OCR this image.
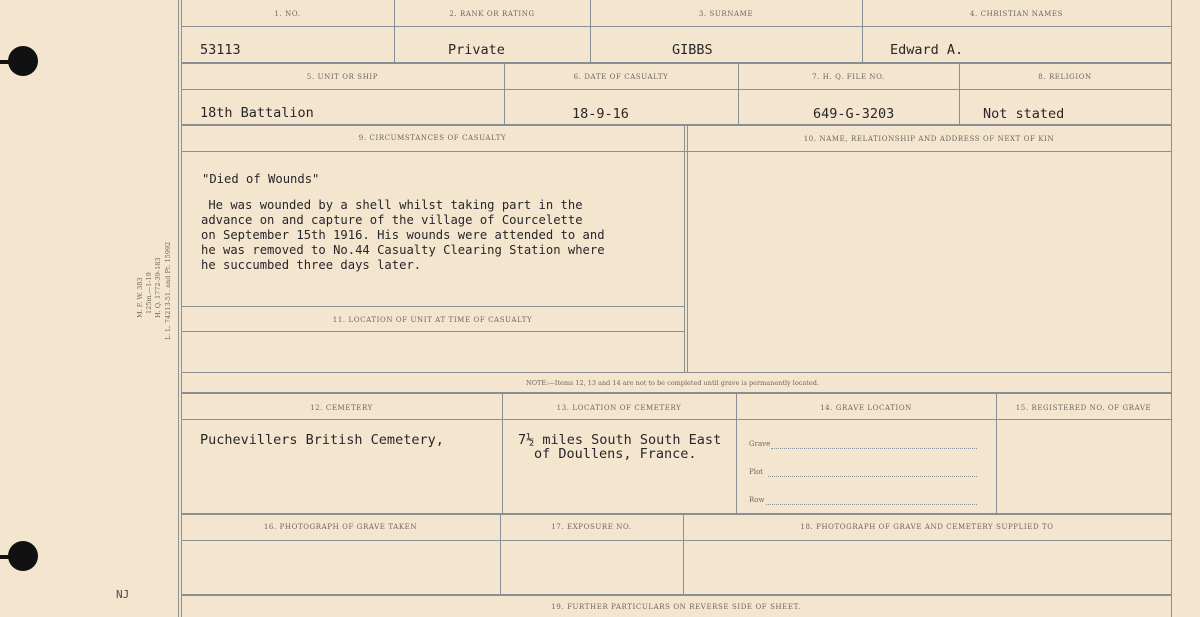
M. F. W. 383 125m.—1-19 H. Q. 1772-39-183 L. L. 74213-51. and Pt. 15992
NJ
1. NO.	2. RANK OR RATING	3. SURNAME	4. CHRISTIAN NAMES
53113	Private	GIBBS	Edward A.
5. UNIT OR SHIP	6. DATE OF CASUALTY	7. H. Q. FILE NO.	8. RELIGION
18th Battalion	18-9-16	649-G-3203	Not stated
9. CIRCUMSTANCES OF CASUALTY	10. NAME, RELATIONSHIP AND ADDRESS OF NEXT OF KIN
"Died of Wounds"
He was wounded by a shell whilst taking part in the
advance on and capture of the village of Courcelette
on September 15th 1916. His wounds were attended to and
he was removed to No.44 Casualty Clearing Station where
he succumbed three days later.
11. LOCATION OF UNIT AT TIME OF CASUALTY
NOTE:—Items 12, 13 and 14 are not to be completed until grave is permanently located.
12. CEMETERY	13. LOCATION OF CEMETERY	14. GRAVE LOCATION	15. REGISTERED NO. OF GRAVE
Puchevillers British Cemetery,	7½ miles South South East
of Doullens, France.
Grave
Plot
Row
16. PHOTOGRAPH OF GRAVE TAKEN	17. EXPOSURE NO.	18. PHOTOGRAPH OF GRAVE AND CEMETERY SUPPLIED TO
19. FURTHER PARTICULARS ON REVERSE SIDE OF SHEET.
